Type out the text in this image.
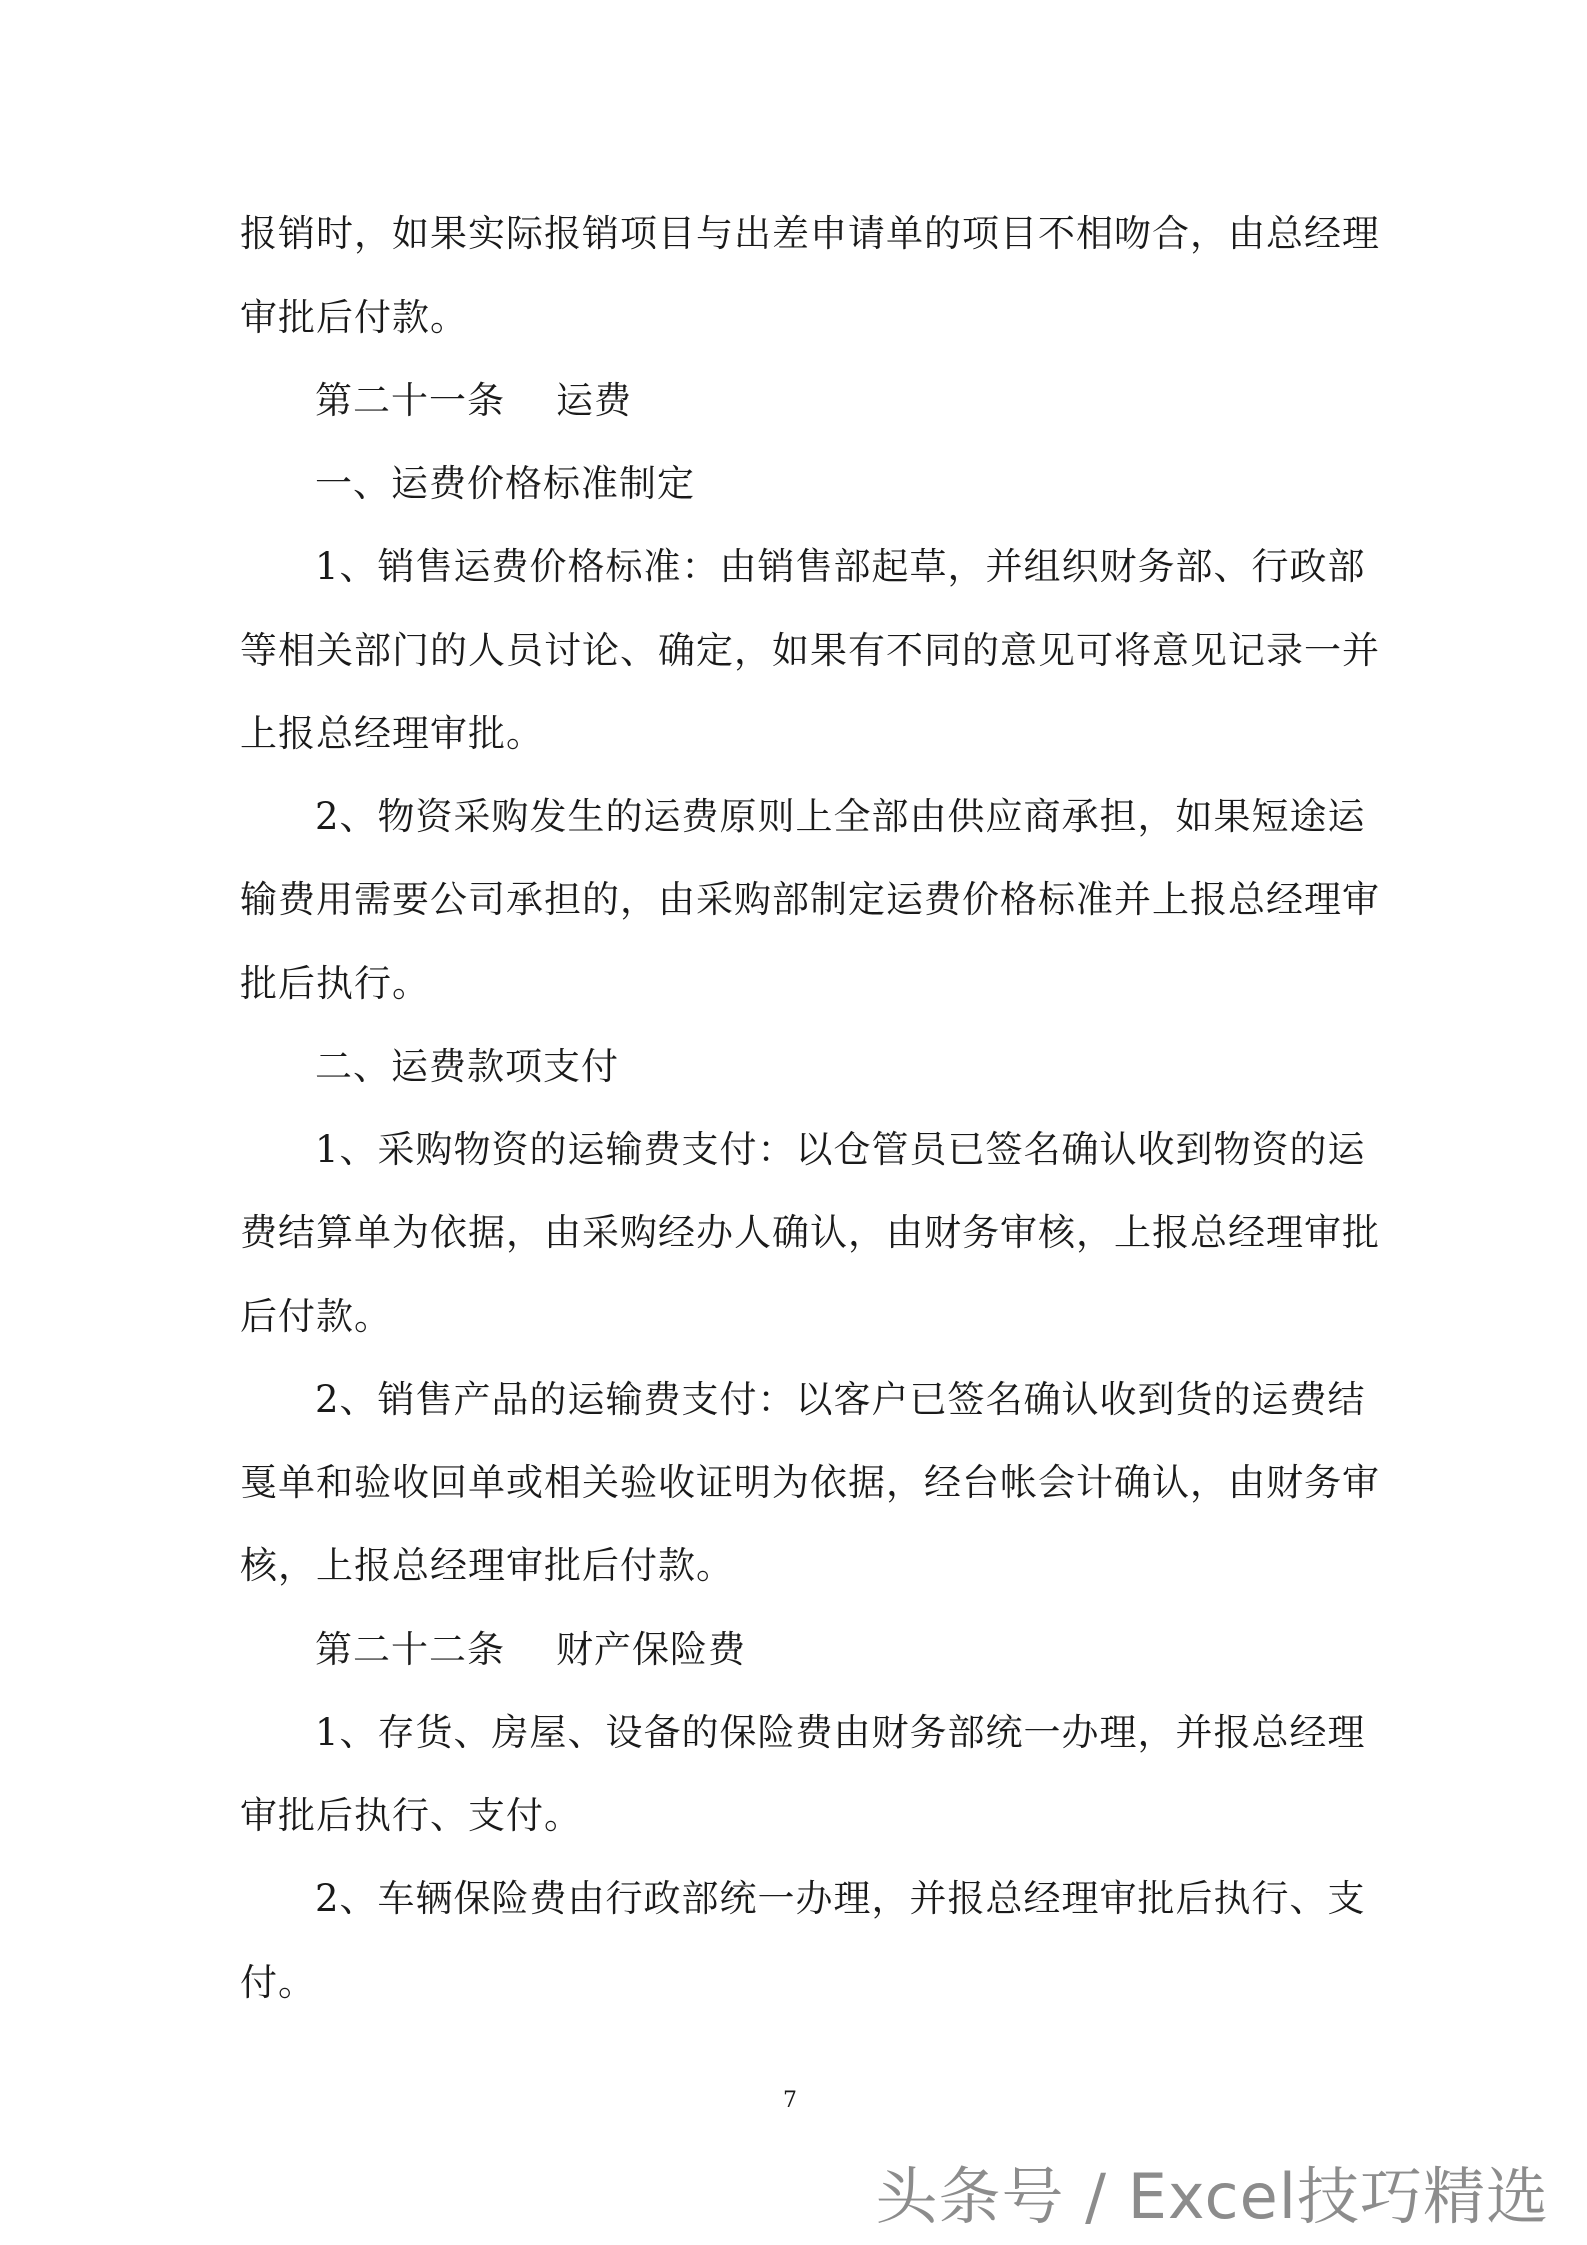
报销时，如果实际报销项目与出差申请单的项目不相吻合，由总经理
审批后付款。
第二十一条    运费
一、运费价格标准制定
1、销售运费价格标准：由销售部起草，并组织财务部、行政部
等相关部门的人员讨论、确定，如果有不同的意见可将意见记录一并
上报总经理审批。
2、物资采购发生的运费原则上全部由供应商承担，如果短途运
输费用需要公司承担的，由采购部制定运费价格标准并上报总经理审
批后执行。
二、运费款项支付
1、采购物资的运输费支付：以仓管员已签名确认收到物资的运
费结算单为依据，由采购经办人确认，由财务审核，上报总经理审批
后付款。
2、销售产品的运输费支付：以客户已签名确认收到货的运费结
戛单和验收回单或相关验收证明为依据，经台帐会计确认，由财务审
核，上报总经理审批后付款。
第二十二条    财产保险费
1、存货、房屋、设备的保险费由财务部统一办理，并报总经理
审批后执行、支付。
2、车辆保险费由行政部统一办理，并报总经理审批后执行、支
付。
7
头条号 / Excel技巧精选
